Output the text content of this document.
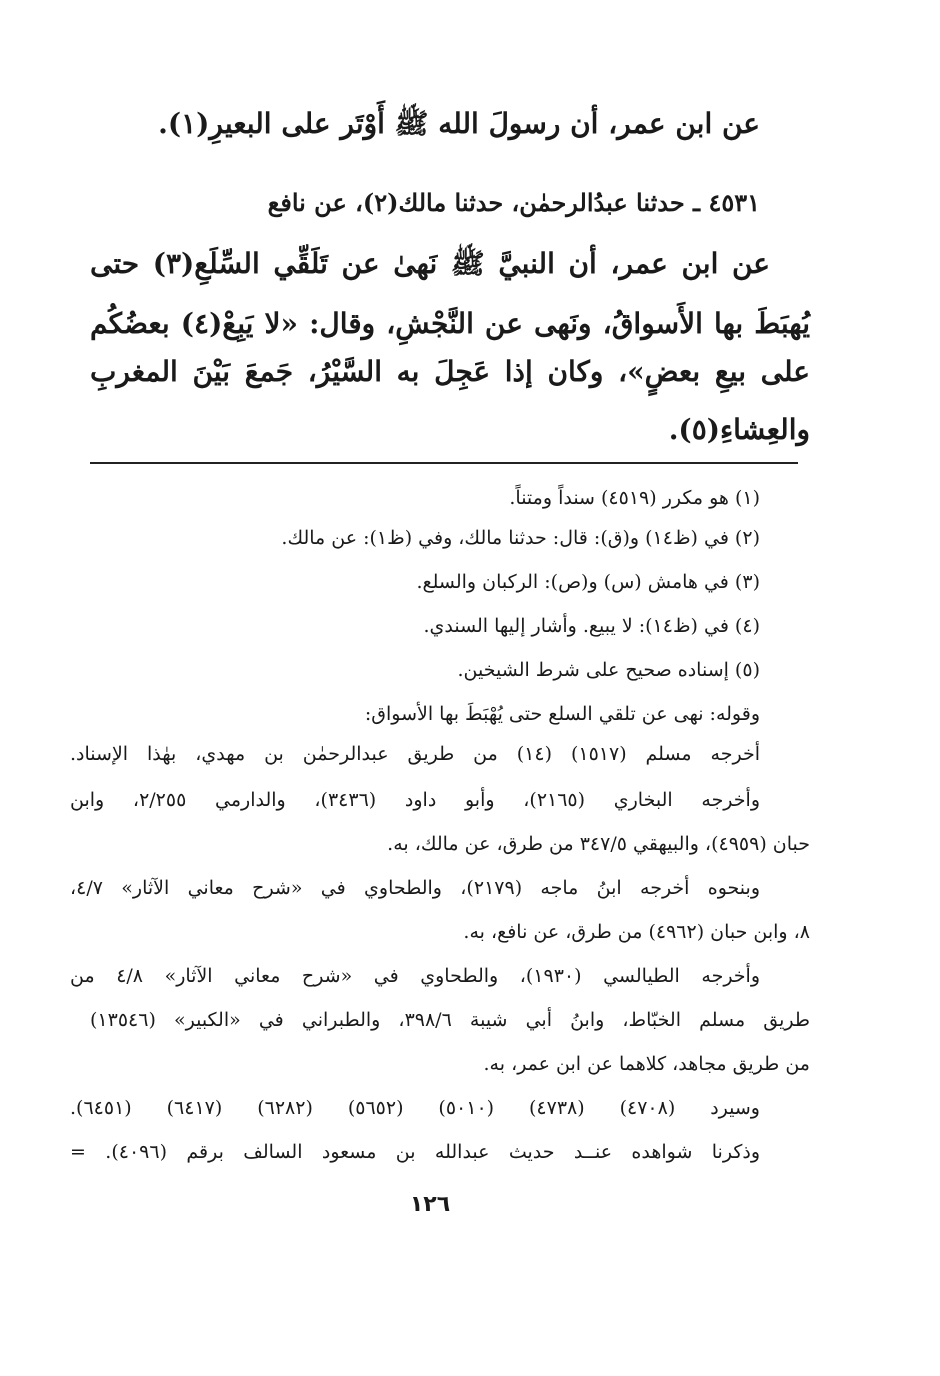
عن ابن عمر، أن رسولَ الله ﷺ أَوْتَر على البعيرِ(١).
٤٥٣١ ـ حدثنا عبدُالرحمٰن، حدثنا مالك(٢)، عن نافع
عن ابن عمر، أن النبيَّ ﷺ نَهىٰ عن تَلَقِّي السِّلَعِ(٣) حتى
يُهبَطَ بها الأَسواقُ، ونَهى عن النَّجْشِ، وقال: «لا يَبِعْ(٤) بعضُكُم
على بيعِ بعضٍ»، وكان إذا عَجِلَ به السَّيْرُ، جَمعَ بَيْنَ المغربِ
والعِشاءِ(٥).
(١) هو مكرر (٤٥١٩) سنداً ومتناً.
(٢) في (ظ١٤) و(ق): قال: حدثنا مالك، وفي (ظ١): عن مالك.
(٣) في هامش (س) و(ص): الركبان والسلع.
(٤) في (ظ١٤): لا يبيع. وأشار إليها السندي.
(٥) إسناده صحيح على شرط الشيخين.
وقوله: نهى عن تلقي السلع حتى يُهْبَطَ بها الأسواق:
أخرجه مسلم (١٥١٧) (١٤) من طريق عبدالرحمٰن بن مهدي، بهٰذا الإسناد.
وأخرجه البخاري (٢١٦٥)، وأبو داود (٣٤٣٦)، والدارمي ٢/٢٥٥، وابن
حبان (٤٩٥٩)، والبيهقي ٣٤٧/٥ من طرق، عن مالك، به.
وبنحوه أخرجه ابنُ ماجه (٢١٧٩)، والطحاوي في «شرح معاني الآثار» ٤/٧،
٨، وابن حبان (٤٩٦٢) من طرق، عن نافع، به.
وأخرجه الطيالسي (١٩٣٠)، والطحاوي في «شرح معاني الآثار» ٤/٨ من
طريق مسلم الخبّاط، وابنُ أبي شيبة ٣٩٨/٦، والطبراني في «الكبير» (١٣٥٤٦)
من طريق مجاهد، كلاهما عن ابن عمر، به.
وسيرد (٤٧٠٨) (٤٧٣٨) (٥٠١٠) (٥٦٥٢) (٦٢٨٢) (٦٤١٧) (٦٤٥١).
وذكرنا شواهده عنــد حديث عبدالله بن مسعود السالف برقم (٤٠٩٦). =
١٢٦
